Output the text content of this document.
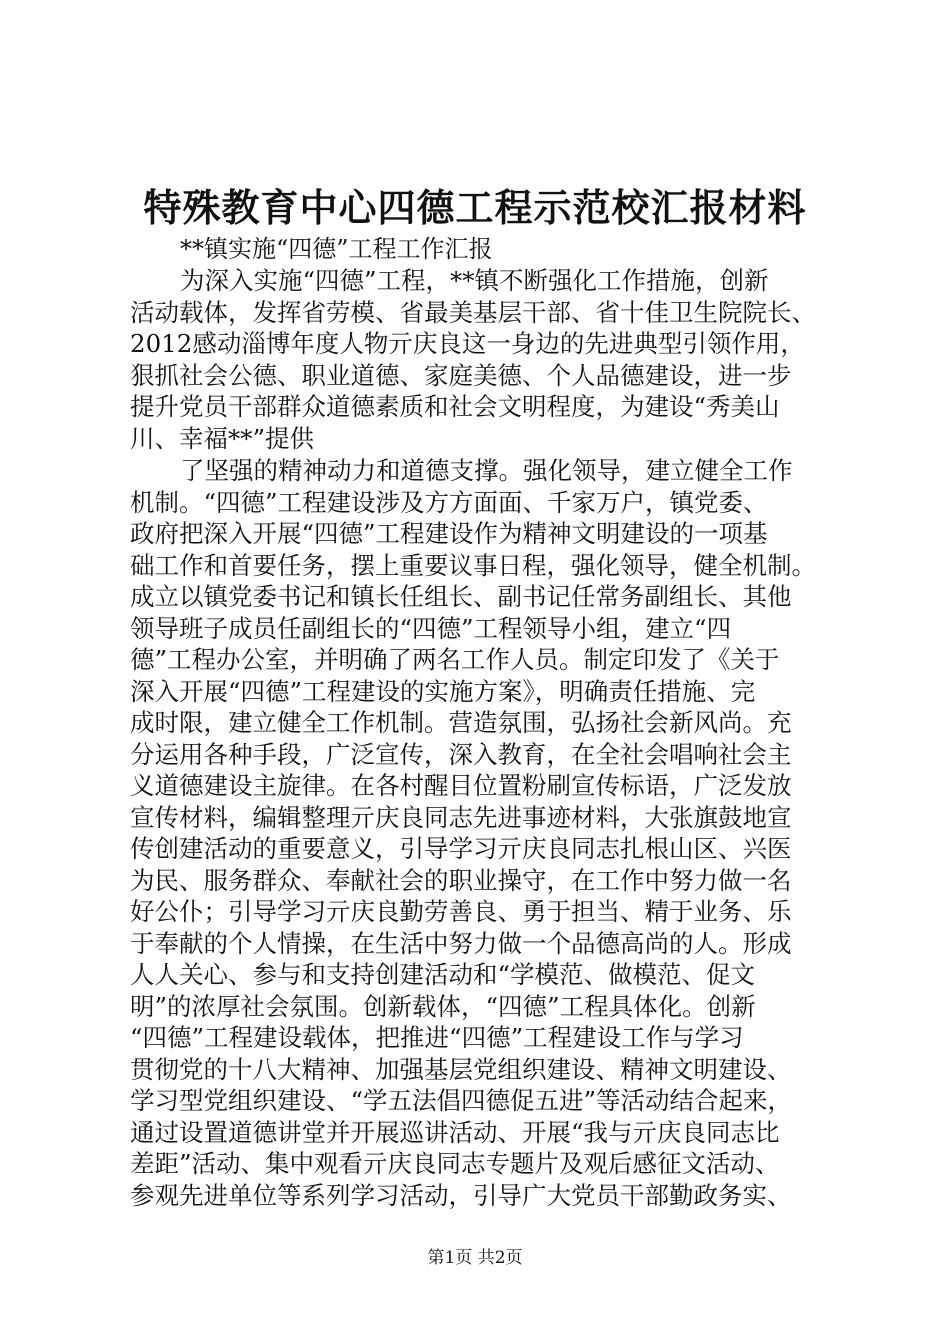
特殊教育中心四德工程示范校汇报材料
**镇实施“四德”工程工作汇报
为深入实施“四德”工程，**镇不断强化工作措施，创新
活动载体，发挥省劳模、省最美基层干部、省十佳卫生院院长、
2012感动淄博年度人物亓庆良这一身边的先进典型引领作用，
狠抓社会公德、职业道德、家庭美德、个人品德建设，进一步
提升党员干部群众道德素质和社会文明程度，为建设“秀美山
川、幸福**”提供
了坚强的精神动力和道德支撑。强化领导，建立健全工作
机制。“四德”工程建设涉及方方面面、千家万户，镇党委、
政府把深入开展“四德”工程建设作为精神文明建设的一项基
础工作和首要任务，摆上重要议事日程，强化领导，健全机制。
成立以镇党委书记和镇长任组长、副书记任常务副组长、其他
领导班子成员任副组长的“四德”工程领导小组，建立“四
德”工程办公室，并明确了两名工作人员。制定印发了《关于
深入开展“四德”工程建设的实施方案》，明确责任措施、完
成时限，建立健全工作机制。营造氛围，弘扬社会新风尚。充
分运用各种手段，广泛宣传，深入教育，在全社会唱响社会主
义道德建设主旋律。在各村醒目位置粉刷宣传标语，广泛发放
宣传材料，编辑整理亓庆良同志先进事迹材料，大张旗鼓地宣
传创建活动的重要意义，引导学习亓庆良同志扎根山区、兴医
为民、服务群众、奉献社会的职业操守，在工作中努力做一名
好公仆；引导学习亓庆良勤劳善良、勇于担当、精于业务、乐
于奉献的个人情操，在生活中努力做一个品德高尚的人。形成
人人关心、参与和支持创建活动和“学模范、做模范、促文
明”的浓厚社会氛围。创新载体，“四德”工程具体化。创新
“四德”工程建设载体，把推进“四德”工程建设工作与学习
贯彻党的十八大精神、加强基层党组织建设、精神文明建设、
学习型党组织建设、“学五法倡四德促五进”等活动结合起来，
通过设置道德讲堂并开展巡讲活动、开展“我与亓庆良同志比
差距”活动、集中观看亓庆良同志专题片及观后感征文活动、
参观先进单位等系列学习活动，引导广大党员干部勤政务实、
第1页 共2页
